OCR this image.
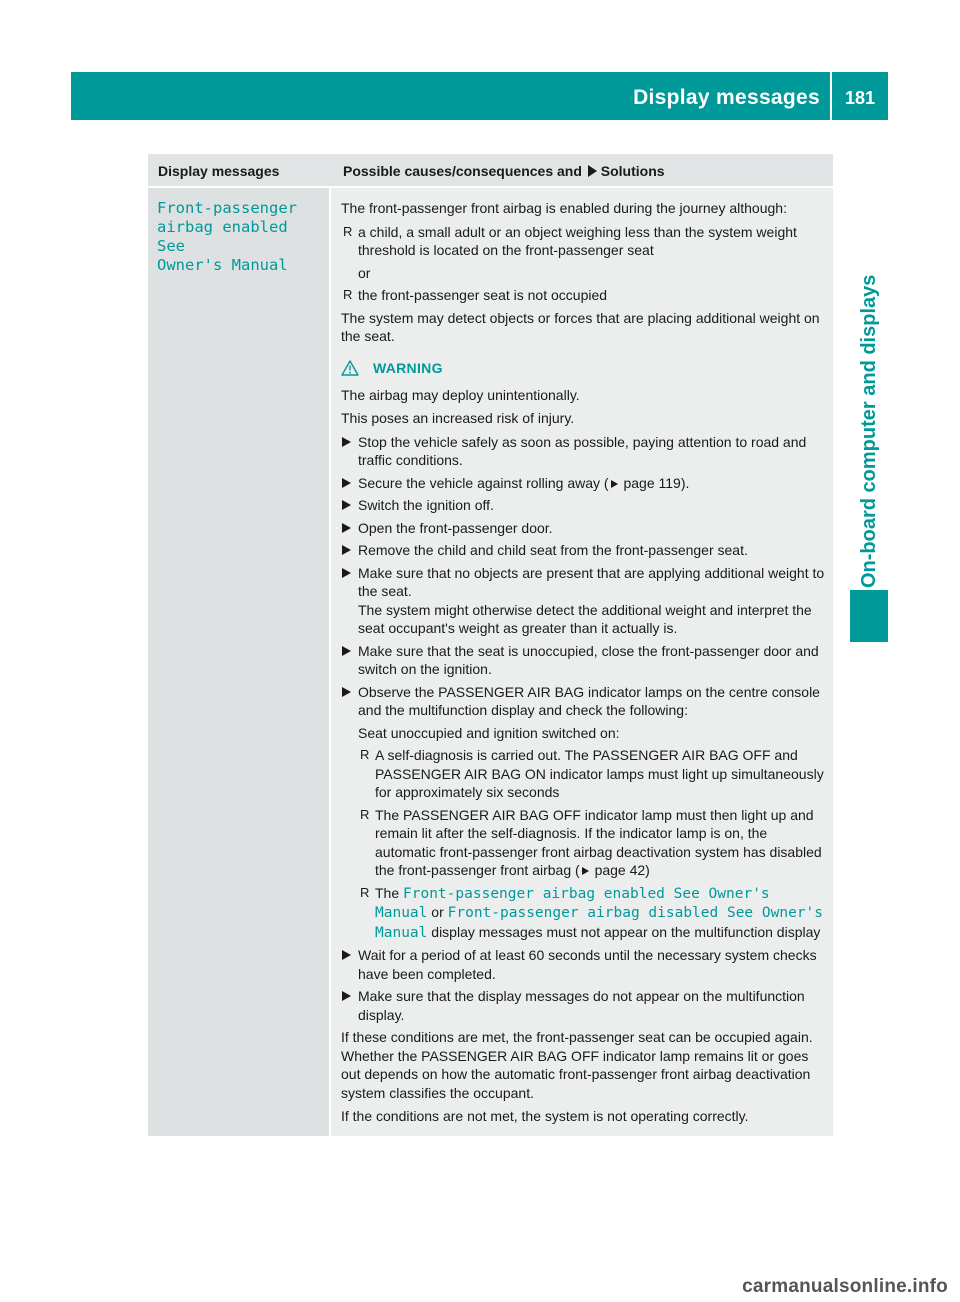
Display messages	181
On-board computer and displays
Display messages	Possible causes/consequences and Solutions
Front-passenger
airbag enabled See
Owner's Manual

The front-passenger front airbag is enabled during the journey although:

R a child, a small adult or an object weighing less than the system weight threshold is located on the front-passenger seat
or
R the front-passenger seat is not occupied

The system may detect objects or forces that are placing additional weight on the seat.

WARNING

The airbag may deploy unintentionally.

This poses an increased risk of injury.

Stop the vehicle safely as soon as possible, paying attention to road and traffic conditions.
Secure the vehicle against rolling away ( page 119).
Switch the ignition off.
Open the front-passenger door.
Remove the child and child seat from the front-passenger seat.
Make sure that no objects are present that are applying additional weight to the seat.
The system might otherwise detect the additional weight and interpret the seat occupant's weight as greater than it actually is.
Make sure that the seat is unoccupied, close the front-passenger door and switch on the ignition.
Observe the PASSENGER AIR BAG indicator lamps on the centre console and the multifunction display and check the following:
Seat unoccupied and ignition switched on:
R A self-diagnosis is carried out. The PASSENGER AIR BAG OFF and PASSENGER AIR BAG ON indicator lamps must light up simultaneously for approximately six seconds
R The PASSENGER AIR BAG OFF indicator lamp must then light up and remain lit after the self-diagnosis. If the indicator lamp is on, the automatic front-passenger front airbag deactivation system has disabled the front-passenger front airbag ( page 42)
R The Front-passenger airbag enabled See Owner's Manual or Front-passenger airbag disabled See Owner's Manual display messages must not appear on the multifunction display
Wait for a period of at least 60 seconds until the necessary system checks have been completed.
Make sure that the display messages do not appear on the multifunction display.

If these conditions are met, the front-passenger seat can be occupied again. Whether the PASSENGER AIR BAG OFF indicator lamp remains lit or goes out depends on how the automatic front-passenger front airbag deactivation system classifies the occupant.

If the conditions are not met, the system is not operating correctly.

carmanualsonline.info
